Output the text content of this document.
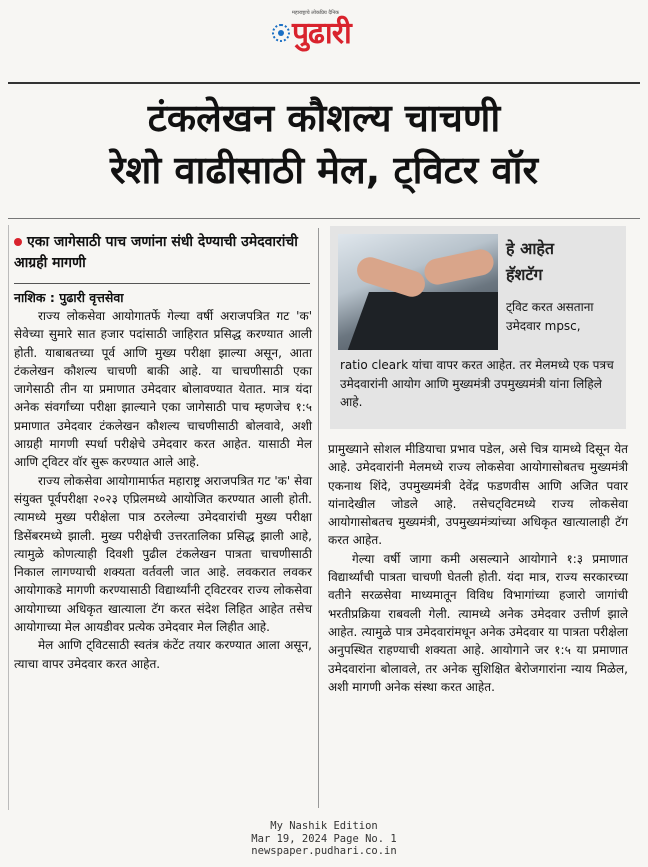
महाराष्ट्राचे लोकप्रिय दैनिक
पुढारी
टंकलेखन कौशल्य चाचणी
रेशो वाढीसाठी मेल, ट्विटर वॉर
एका जागेसाठी पाच जणांना संधी देण्याची उमेदवारांची आग्रही मागणी
नाशिक : पुढारी वृत्तसेवा

राज्य लोकसेवा आयोगातर्फे गेल्या वर्षी अराजपत्रित गट 'क' सेवेच्या सुमारे सात हजार पदांसाठी जाहिरात प्रसिद्ध करण्यात आली होती. याबाबतच्या पूर्व आणि मुख्य परीक्षा झाल्या असून, आता टंकलेखन कौशल्य चाचणी बाकी आहे. या चाचणीसाठी एका जागेसाठी तीन या प्रमाणात उमेदवार बोलावण्यात येतात. मात्र यंदा अनेक संवर्गांच्या परीक्षा झाल्याने एका जागेसाठी पाच म्हणजेच १:५ प्रमाणात उमेदवार टंकलेखन कौशल्य चाचणीसाठी बोलवावे, अशी आग्रही मागणी स्पर्धा परीक्षेचे उमेदवार करत आहेत. यासाठी मेल आणि ट्विटर वॉर सुरू करण्यात आले आहे.

राज्य लोकसेवा आयोगामार्फत महाराष्ट्र अराजपत्रित गट 'क' सेवा संयुक्त पूर्वपरीक्षा २०२३ एप्रिलमध्ये आयोजित करण्यात आली होती. त्यामध्ये मुख्य परीक्षेला पात्र ठरलेल्या उमेदवारांची मुख्य परीक्षा डिसेंबरमध्ये झाली. मुख्य परीक्षेची उत्तरतालिका प्रसिद्ध झाली आहे, त्यामुळे कोणत्याही दिवशी पुढील टंकलेखन पात्रता चाचणीसाठी निकाल लागण्याची शक्यता वर्तवली जात आहे. लवकरात लवकर आयोगाकडे मागणी करण्यासाठी विद्यार्थ्यांनी ट्विटरवर राज्य लोकसेवा आयोगाच्या अधिकृत खात्याला टॅग करत संदेश लिहित आहेत तसेच आयोगाच्या मेल आयडीवर प्रत्येक उमेदवार मेल लिहीत आहे.

मेल आणि ट्विटसाठी स्वतंत्र कंटेंट तयार करण्यात आला असून, त्याचा वापर उमेदवार करत आहेत.

हे आहेत
हॅशटॅग
ट्विट करत असताना उमेदवार mpsc,
ratio cleark यांचा वापर करत आहेत. तर मेलमध्ये एक पत्रच उमेदवारांनी आयोग आणि मुख्यमंत्री उपमुख्यमंत्री यांना लिहिले आहे.

प्रामुख्याने सोशल मीडियाचा प्रभाव पडेल, असे चित्र यामध्ये दिसून येत आहे. उमेदवारांनी मेलमध्ये राज्य लोकसेवा आयोगासोबतच मुख्यमंत्री एकनाथ शिंदे, उपमुख्यमंत्री देवेंद्र फडणवीस आणि अजित पवार यांनादेखील जोडले आहे. तसेचट्विटमध्ये राज्य लोकसेवा आयोगासोबतच मुख्यमंत्री, उपमुख्यमंत्र्यांच्या अधिकृत खात्यालाही टॅग करत आहेत.

गेल्या वर्षी जागा कमी असल्याने आयोगाने १:३ प्रमाणात विद्यार्थ्यांची पात्रता चाचणी घेतली होती. यंदा मात्र, राज्य सरकारच्या वतीने सरळसेवा माध्यमातून विविध विभागांच्या हजारो जागांची भरतीप्रक्रिया राबवली गेली. त्यामध्ये अनेक उमेदवार उत्तीर्ण झाले आहेत. त्यामुळे पात्र उमेदवारांमधून अनेक उमेदवार या पात्रता परीक्षेला अनुपस्थित राहण्याची शक्यता आहे. आयोगाने जर १:५ या प्रमाणात उमेदवारांना बोलावले, तर अनेक सुशिक्षित बेरोजगारांना न्याय मिळेल, अशी मागणी अनेक संस्था करत आहेत.

My Nashik Edition
Mar 19, 2024 Page No. 1
newspaper.pudhari.co.in
